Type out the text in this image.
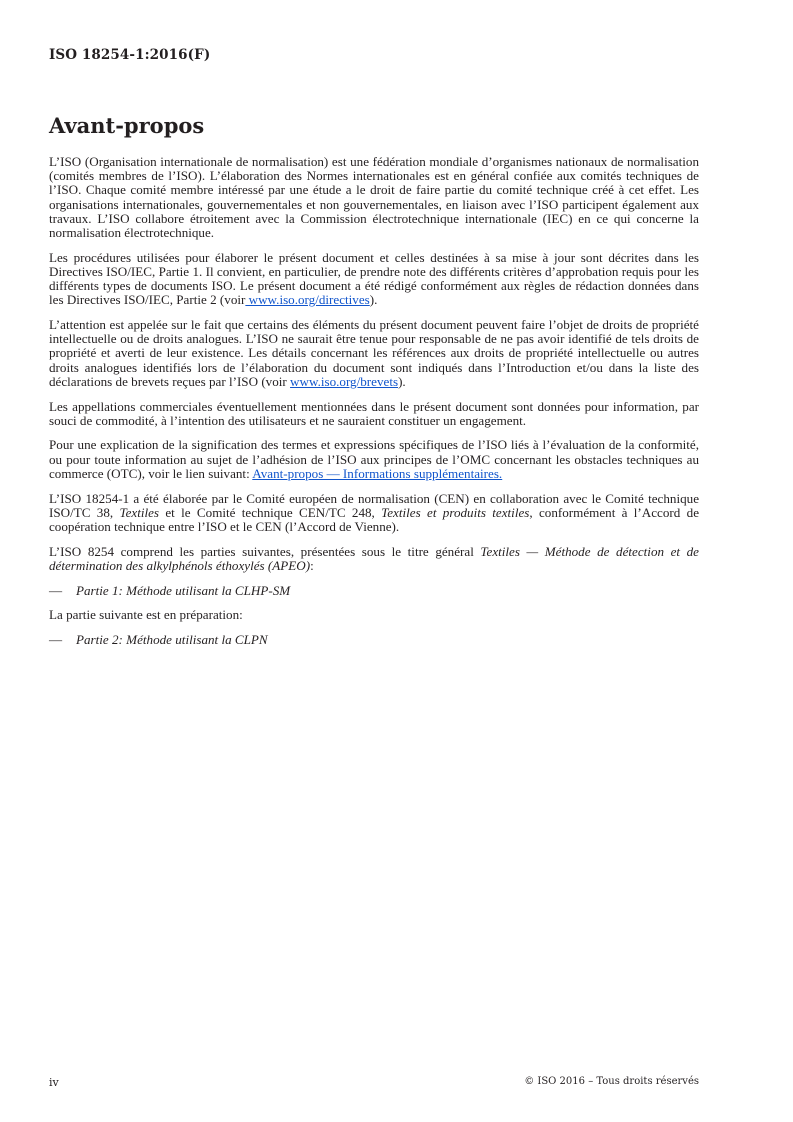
ISO 18254-1:2016(F)
Avant-propos

L’ISO (Organisation internationale de normalisation) est une fédération mondiale d’organismes nationaux de normalisation (comités membres de l’ISO). L’élaboration des Normes internationales est en général confiée aux comités techniques de l’ISO. Chaque comité membre intéressé par une étude a le droit de faire partie du comité technique créé à cet effet. Les organisations internationales, gouvernementales et non gouvernementales, en liaison avec l’ISO participent également aux travaux. L’ISO collabore étroitement avec la Commission électrotechnique internationale (IEC) en ce qui concerne la normalisation électrotechnique.

Les procédures utilisées pour élaborer le présent document et celles destinées à sa mise à jour sont décrites dans les Directives ISO/IEC, Partie 1. Il convient, en particulier, de prendre note des différents critères d’approbation requis pour les différents types de documents ISO. Le présent document a été rédigé conformément aux règles de rédaction données dans les Directives ISO/IEC, Partie 2 (voir www.iso.org/directives).

L’attention est appelée sur le fait que certains des éléments du présent document peuvent faire l’objet de droits de propriété intellectuelle ou de droits analogues. L’ISO ne saurait être tenue pour responsable de ne pas avoir identifié de tels droits de propriété et averti de leur existence. Les détails concernant les références aux droits de propriété intellectuelle ou autres droits analogues identifiés lors de l’élaboration du document sont indiqués dans l’Introduction et/ou dans la liste des déclarations de brevets reçues par l’ISO (voir www.iso.org/brevets).

Les appellations commerciales éventuellement mentionnées dans le présent document sont données pour information, par souci de commodité, à l’intention des utilisateurs et ne sauraient constituer un engagement.

Pour une explication de la signification des termes et expressions spécifiques de l’ISO liés à l’évaluation de la conformité, ou pour toute information au sujet de l’adhésion de l’ISO aux principes de l’OMC concernant les obstacles techniques au commerce (OTC), voir le lien suivant: Avant-propos — Informations supplémentaires.

L’ISO 18254-1 a été élaborée par le Comité européen de normalisation (CEN) en collaboration avec le Comité technique ISO/TC 38, Textiles et le Comité technique CEN/TC 248, Textiles et produits textiles, conformément à l’Accord de coopération technique entre l’ISO et le CEN (l’Accord de Vienne).

L’ISO 8254 comprend les parties suivantes, présentées sous le titre général Textiles — Méthode de détection et de détermination des alkylphénols éthoxylés (APEO):

— Partie 1: Méthode utilisant la CLHP-SM

La partie suivante est en préparation:

— Partie 2: Méthode utilisant la CLPN

iv	© ISO 2016 – Tous droits réservés
